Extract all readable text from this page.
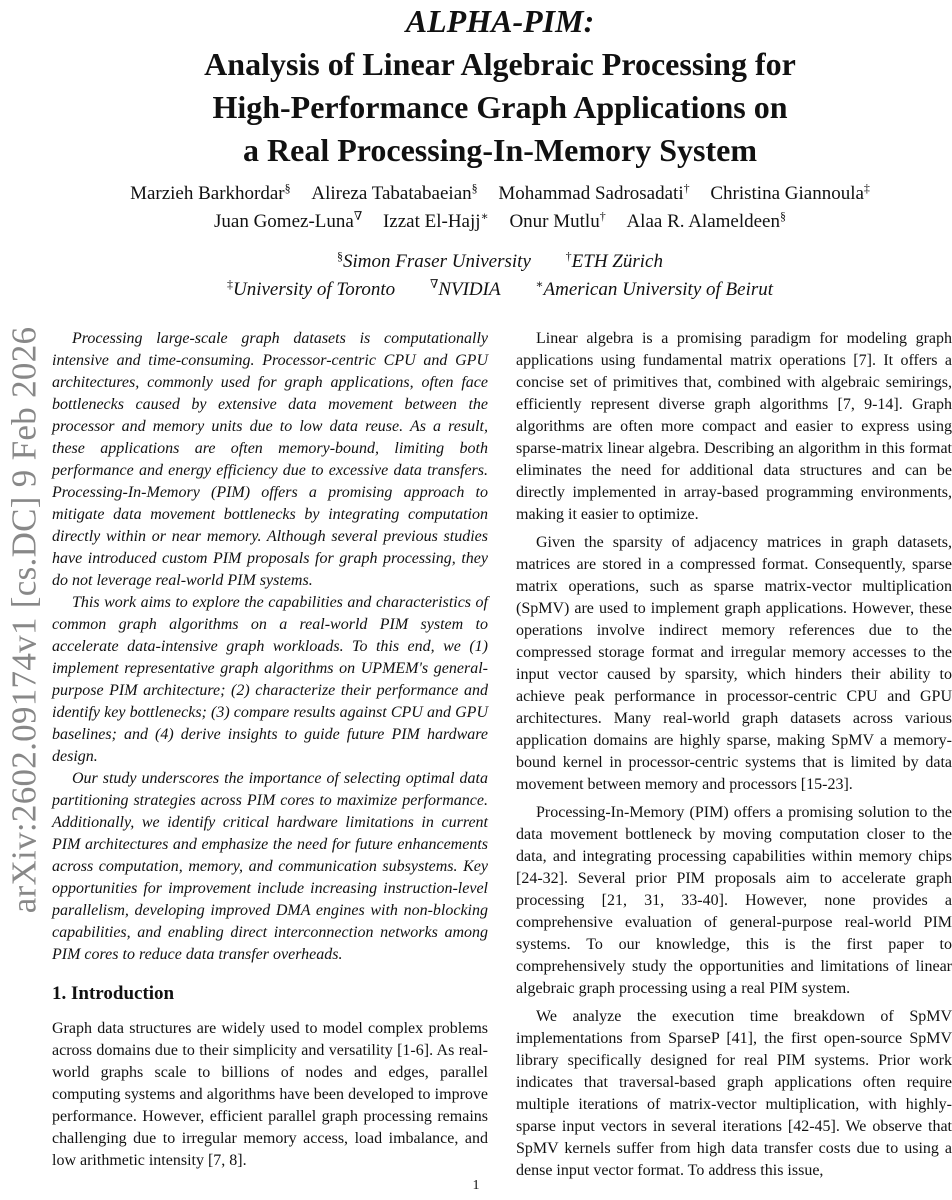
arXiv:2602.09174v1 [cs.DC] 9 Feb 2026
ALPHA-PIM:
Analysis of Linear Algebraic Processing for
High-Performance Graph Applications on
a Real Processing-In-Memory System
Marzieh Barkhordar§ Alireza Tabatabaeian§ Mohammad Sadrosadati† Christina Giannoula‡
Juan Gomez-Luna∇ Izzat El-Hajj∗ Onur Mutlu† Alaa R. Alameldeen§
§Simon Fraser University	†ETH Zürich
‡University of Toronto	∇NVIDIA	∗American University of Beirut

Processing large-scale graph datasets is computationally intensive and time-consuming. Processor-centric CPU and GPU architectures, commonly used for graph applications, often face bottlenecks caused by extensive data movement between the processor and memory units due to low data reuse. As a result, these applications are often memory-bound, limiting both performance and energy efficiency due to excessive data transfers. Processing-In-Memory (PIM) offers a promising approach to mitigate data movement bottlenecks by integrating computation directly within or near memory. Although several previous studies have introduced custom PIM proposals for graph processing, they do not leverage real-world PIM systems.

This work aims to explore the capabilities and characteristics of common graph algorithms on a real-world PIM system to accelerate data-intensive graph workloads. To this end, we (1) implement representative graph algorithms on UPMEM's general-purpose PIM architecture; (2) characterize their performance and identify key bottlenecks; (3) compare results against CPU and GPU baselines; and (4) derive insights to guide future PIM hardware design.

Our study underscores the importance of selecting optimal data partitioning strategies across PIM cores to maximize performance. Additionally, we identify critical hardware limitations in current PIM architectures and emphasize the need for future enhancements across computation, memory, and communication subsystems. Key opportunities for improvement include increasing instruction-level parallelism, developing improved DMA engines with non-blocking capabilities, and enabling direct interconnection networks among PIM cores to reduce data transfer overheads.

1. Introduction

Graph data structures are widely used to model complex problems across domains due to their simplicity and versatility [1-6]. As real-world graphs scale to billions of nodes and edges, parallel computing systems and algorithms have been developed to improve performance. However, efficient parallel graph processing remains challenging due to irregular memory access, load imbalance, and low arithmetic intensity [7, 8].

Linear algebra is a promising paradigm for modeling graph applications using fundamental matrix operations [7]. It offers a concise set of primitives that, combined with algebraic semirings, efficiently represent diverse graph algorithms [7, 9-14]. Graph algorithms are often more compact and easier to express using sparse-matrix linear algebra. Describing an algorithm in this format eliminates the need for additional data structures and can be directly implemented in array-based programming environments, making it easier to optimize.

Given the sparsity of adjacency matrices in graph datasets, matrices are stored in a compressed format. Consequently, sparse matrix operations, such as sparse matrix-vector multiplication (SpMV) are used to implement graph applications. However, these operations involve indirect memory references due to the compressed storage format and irregular memory accesses to the input vector caused by sparsity, which hinders their ability to achieve peak performance in processor-centric CPU and GPU architectures. Many real-world graph datasets across various application domains are highly sparse, making SpMV a memory-bound kernel in processor-centric systems that is limited by data movement between memory and processors [15-23].

Processing-In-Memory (PIM) offers a promising solution to the data movement bottleneck by moving computation closer to the data, and integrating processing capabilities within memory chips [24-32]. Several prior PIM proposals aim to accelerate graph processing [21, 31, 33-40]. However, none provides a comprehensive evaluation of general-purpose real-world PIM systems. To our knowledge, this is the first paper to comprehensively study the opportunities and limitations of linear algebraic graph processing using a real PIM system.

We analyze the execution time breakdown of SpMV implementations from SparseP [41], the first open-source SpMV library specifically designed for real PIM systems. Prior work indicates that traversal-based graph applications often require multiple iterations of matrix-vector multiplication, with highly-sparse input vectors in several iterations [42-45]. We observe that SpMV kernels suffer from high data transfer costs due to using a dense input vector format. To address this issue,

1
